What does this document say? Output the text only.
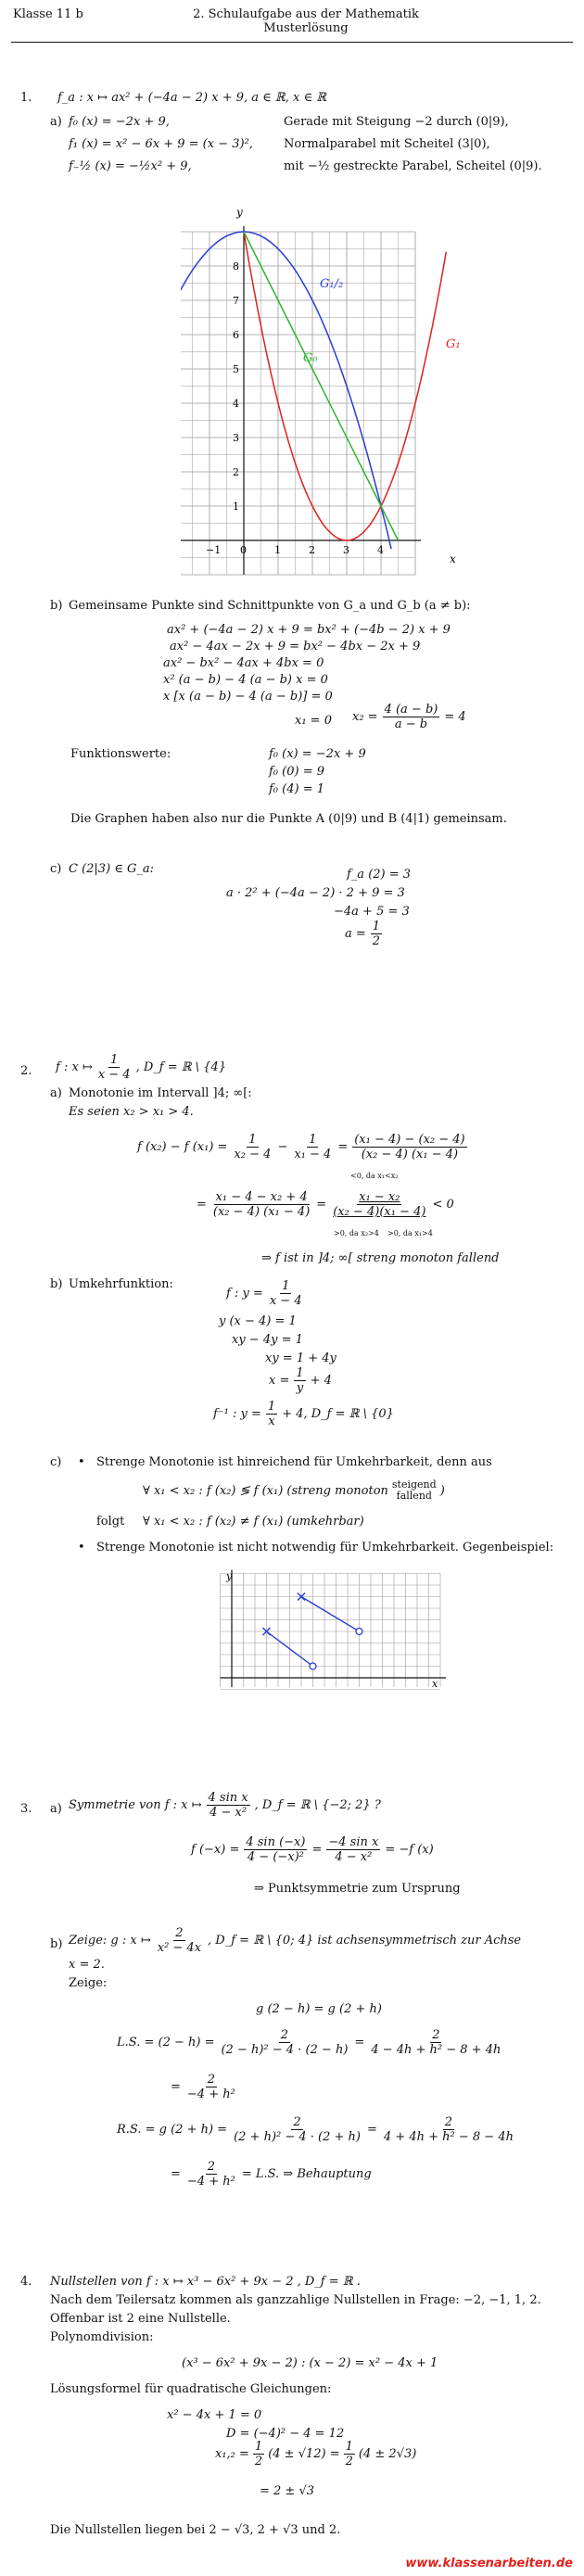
Klasse 11 b	2. Schulaufgabe aus der Mathematik
Musterlösung
1. f_a : x ↦ ax² + (−4a − 2) x + 9, a ∈ ℝ, x ∈ ℝ
a) f₀ (x) = −2x + 9,	Gerade mit Steigung −2 durch (0|9),
f₁ (x) = x² − 6x + 9 = (x − 3)²,	Normalparabel mit Scheitel (3|0),
f₋½ (x) = −½x² + 9,	mit −½ gestreckte Parabel, Scheitel (0|9).
−1 0	1	2	3	4
1
2
3
4
5
6
7
8
G₁/₂
G₀
G₁
y
x
b) Gemeinsame Punkte sind Schnittpunkte von G_a und G_b (a ≠ b):
ax² + (−4a − 2) x + 9 = bx² + (−4b − 2) x + 9
ax² − 4ax − 2x + 9 = bx² − 4bx − 2x + 9
ax² − bx² − 4ax + 4bx = 0
x² (a − b) − 4 (a − b) x = 0
x [x (a − b) − 4 (a − b)] = 0
x₁ = 0 $x_2 = \frac{4 (a - b)}{a - b} = 4$
Funktionswerte:	f₀ (x) = −2x + 9
f₀ (0) = 9
f₀ (4) = 1
Die Graphen haben also nur die Punkte A (0|9) und B (4|1) gemeinsam.
c) C (2|3) ∈ G_a:	f_a (2) = 3
a · 2² + (−4a − 2) · 2 + 9 = 3
−4a + 5 = 3
$a = \frac{1}{2}$
2. f : x ↦ $\frac{1}{x - 4}$ , D_f = ℝ \ {4}
a) Monotonie im Intervall ]4; ∞[:
Es seien x₂ > x₁ > 4.
f (x₂) − f $(x_1) = \frac{1}{\text{x₂ − 4}} - \frac{1}{\text{x₁ − 4}} = \frac{\text{(x₁ − 4) − (x₂ − 4)}}{\text{(x₂ − 4) (x₁ − 4)}}$
<0, da x₁<x₂
= $\frac{\text{x₁ − 4 − x₂ + 4}}{\text{(x₂ − 4) (x₁ − 4)}} = \frac{\text{x₁ − x₂}}{\text{(x₂ − 4)(x₁ − 4)}} < 0$
>0, da x₂>4 >0, da x₁>4
⇒ f ist in ]4; ∞[ streng monoton fallend
b) Umkehrfunktion:
f : $y = \frac{1}{x - 4}$
y (x − 4) = 1
xy − 4y = 1
xy = 1 + 4y
$x = \frac{1}{y} + 4$
f⁻¹ : $y = \frac{1}{x} + 4$, D_f = ℝ \ {0}
c) • Strenge Monotonie ist hinreichend für Umkehrbarkeit, denn aus
∀ x₁ < x₂ : f (x₂) ≶ f (x₁) (streng monoton steigend
fallend )
folgt ∀ x₁ < x₂ : f (x₂) ≠ f (x₁) (umkehrbar)
• Strenge Monotonie ist nicht notwendig für Umkehrbarkeit. Gegenbeispiel:
y
x
3. a) Symmetrie von f : x ↦ $\frac{\text{4 sin x}}{\text{4 − x²}}$ , D_f = ℝ \ {−2; 2} ?
f $(-x) = \frac{4 \sin (-x)}{\text{4 − (−x)²}} = \frac{\text{−4 sin x}}{\text{4 − x²}} = -f$ (x)
⇒ Punktsymmetrie zum Ursprung
b) Zeige: g : x ↦ $\frac{2}{\text{x² − 4x}}$ , D_f = ℝ \ {0; 4} ist achsensymmetrisch zur Achse
x = 2.
Zeige:
g (2 − h) = g (2 + h)
L.S. = $(2 - h) = \frac{2}{\text{(2 − h)² − 4 · (2 − h)}} = \frac{2}{\text{4 − 4h + h² − 8 + 4h}}$
= $\frac{2}{\text{−4 + h²}}$
R.S. = g $(2 + h) = \frac{2}{\text{(2 + h)² − 4 · (2 + h)}} = \frac{2}{\text{4 + 4h + h² − 8 − 4h}}$
= $\frac{2}{\text{−4 + h²}} = L.S$. ⇒ Behauptung
4. Nullstellen von f : x ↦ x³ − 6x² + 9x − 2 , D_f = ℝ .
Nach dem Teilersatz kommen als ganzzahlige Nullstellen in Frage: −2, −1, 1, 2.
Offenbar ist 2 eine Nullstelle.
Polynomdivision:
(x³ − 6x² + 9x − 2) : (x − 2) = x² − 4x + 1
Lösungsformel für quadratische Gleichungen:
x² − 4x + 1 = 0
D = (−4)² − 4 = 12
$x_1,_2 = \frac{1}{2} (4 \pm √12) = \frac{1}{2} (4 \pm 2√3)$
= 2 ± √3
Die Nullstellen liegen bei 2 − √3, 2 + √3 und 2.
www.klassenarbeiten.de
